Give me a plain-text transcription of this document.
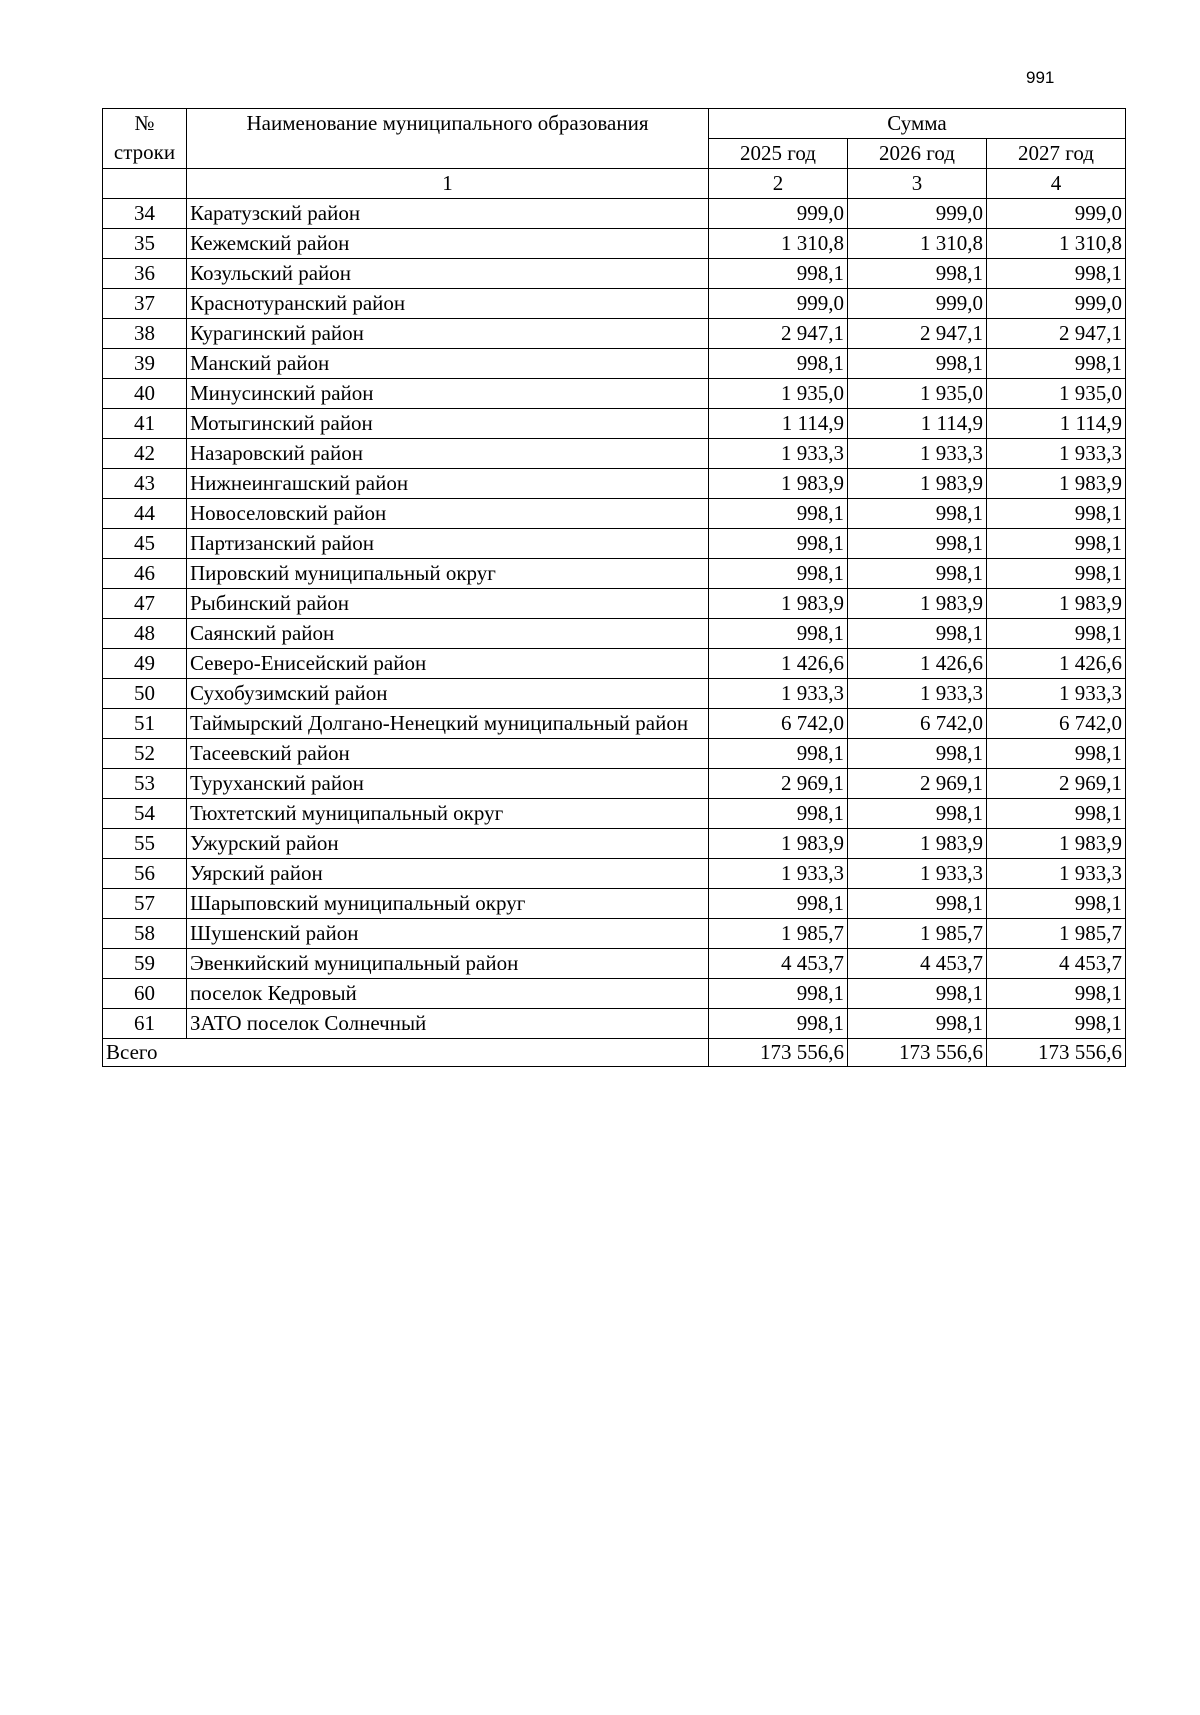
991
№ строки	Наименование муниципального образования	Сумма		
		2025 год	2026 год	2027 год
	1	2	3	4
34	Каратузский район	999,0	999,0	999,0
35	Кежемский район	1 310,8	1 310,8	1 310,8
36	Козульский район	998,1	998,1	998,1
37	Краснотуранский район	999,0	999,0	999,0
38	Курагинский район	2 947,1	2 947,1	2 947,1
39	Манский район	998,1	998,1	998,1
40	Минусинский район	1 935,0	1 935,0	1 935,0
41	Мотыгинский район	1 114,9	1 114,9	1 114,9
42	Назаровский район	1 933,3	1 933,3	1 933,3
43	Нижнеингашский район	1 983,9	1 983,9	1 983,9
44	Новоселовский район	998,1	998,1	998,1
45	Партизанский район	998,1	998,1	998,1
46	Пировский муниципальный округ	998,1	998,1	998,1
47	Рыбинский район	1 983,9	1 983,9	1 983,9
48	Саянский район	998,1	998,1	998,1
49	Северо-Енисейский район	1 426,6	1 426,6	1 426,6
50	Сухобузимский район	1 933,3	1 933,3	1 933,3
51	Таймырский Долгано-Ненецкий муниципальный район	6 742,0	6 742,0	6 742,0
52	Тасеевский район	998,1	998,1	998,1
53	Туруханский район	2 969,1	2 969,1	2 969,1
54	Тюхтетский муниципальный округ	998,1	998,1	998,1
55	Ужурский район	1 983,9	1 983,9	1 983,9
56	Уярский район	1 933,3	1 933,3	1 933,3
57	Шарыповский муниципальный округ	998,1	998,1	998,1
58	Шушенский район	1 985,7	1 985,7	1 985,7
59	Эвенкийский муниципальный район	4 453,7	4 453,7	4 453,7
60	поселок Кедровый	998,1	998,1	998,1
61	ЗАТО поселок Солнечный	998,1	998,1	998,1
Всего		173 556,6	173 556,6	173 556,6
